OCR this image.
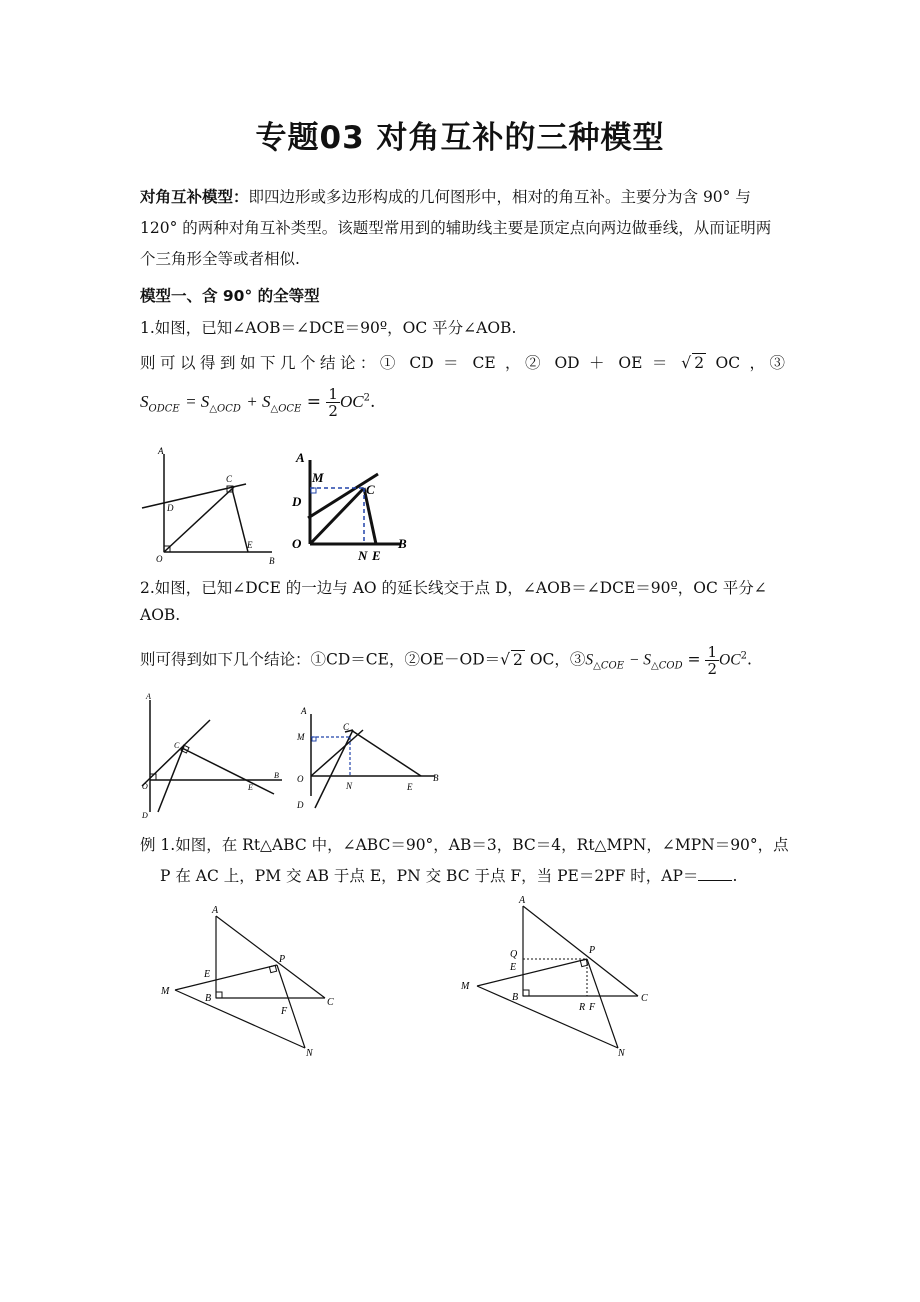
专题03 对角互补的三种模型
对角互补模型：即四边形或多边形构成的几何图形中，相对的角互补。主要分为含 90° 与 120° 的两种对角互补类型。该题型常用到的辅助线主要是顶定点向两边做垂线，从而证明两个三角形全等或者相似.
模型一、含 90° 的全等型
1.如图，已知∠AOB＝∠DCE＝90º，OC 平分∠AOB.
则可以得到如下几个结论：① CD ＝ CE ，② OD ＋ OE ＝ √ 2 OC ，③
$S_{ODCE} = S_{\triangle OCD} + S_{\triangle OCE} = \frac{1}{2} OC^2$.
A
C
D
O
E
B
A
M
D
C
O
N E
B
2.如图，已知∠DCE 的一边与 AO 的延长线交于点 D，∠AOB＝∠DCE＝90º，OC 平分∠
AOB.
则可得到如下几个结论：①CD＝CE，②OE－OD＝√ 2 OC，$③S_{\triangle COE} - S_{\triangle COD} = \frac{1}{2} OC^2$.
A
C
O	E
B
D
A
M
C
O
N	E
B
D
例 1.如图，在 Rt△ABC 中，∠ABC＝90°，AB＝3，BC＝4，Rt△MPN，∠MPN＝90°，点
P 在 AC 上，PM 交 AB 于点 E，PN 交 BC 于点 F，当 PE＝2PF 时，AP＝ .
A
E
P
M
B	C
F
N
A
Q
E
P
M
B	C
R F
N
